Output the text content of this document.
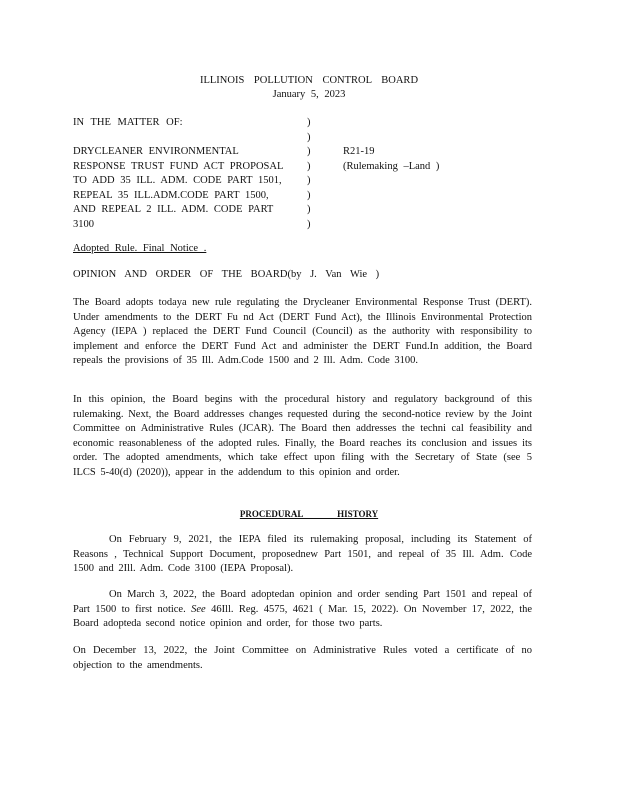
ILLINOIS POLLUTION CONTROL BOARD
January 5, 2023
IN THE MATTER OF:	)
)
)
)
)
)
)
)
DRYCLEANER ENVIRONMENTAL
RESPONSE TRUST FUND ACT PROPOSAL
TO ADD 35 ILL. ADM. CODE PART 1501,
REPEAL 35 ILL.ADM.CODE PART 1500,
AND REPEAL 2 ILL. ADM. CODE PART
3100
R21-19
(Rulemaking –Land )
Adopted Rule. Final Notice .
OPINION AND ORDER OF THE BOARD(by J. Van Wie )

The Board adopts todaya new rule regulating the Drycleaner Environmental Response Trust (DERT). Under amendments to the DERT Fu nd Act (DERT Fund Act), the Illinois Environmental Protection Agency (IEPA ) replaced the DERT Fund Council (Council) as the authority with responsibility to implement and enforce the DERT Fund Act and administer the DERT Fund.In addition, the Board repeals the provisions of 35 Ill. Adm.Code 1500 and 2 Ill. Adm. Code 3100.

In this opinion, the Board begins with the procedural history and regulatory background of this rulemaking. Next, the Board addresses changes requested during the second-notice review by the Joint Committee on Administrative Rules (JCAR). The Board then addresses the techni cal feasibility and economic reasonableness of the adopted rules. Finally, the Board reaches its conclusion and issues its order. The adopted amendments, which take effect upon filing with the Secretary of State (see 5 ILCS 5-40(d) (2020)), appear in the addendum to this opinion and order.

PROCEDURAL HISTORY

On February 9, 2021, the IEPA filed its rulemaking proposal, including its Statement of Reasons , Technical Support Document, proposednew Part 1501, and repeal of 35 Ill. Adm. Code 1500 and 2Ill. Adm. Code 3100 (IEPA Proposal).

On March 3, 2022, the Board adoptedan opinion and order sending Part 1501 and repeal of Part 1500 to first notice. See 46Ill. Reg. 4575, 4621 ( Mar. 15, 2022). On November 17, 2022, the Board adopteda second notice opinion and order, for those two parts.

On December 13, 2022, the Joint Committee on Administrative Rules voted a certificate of no objection to the amendments.
